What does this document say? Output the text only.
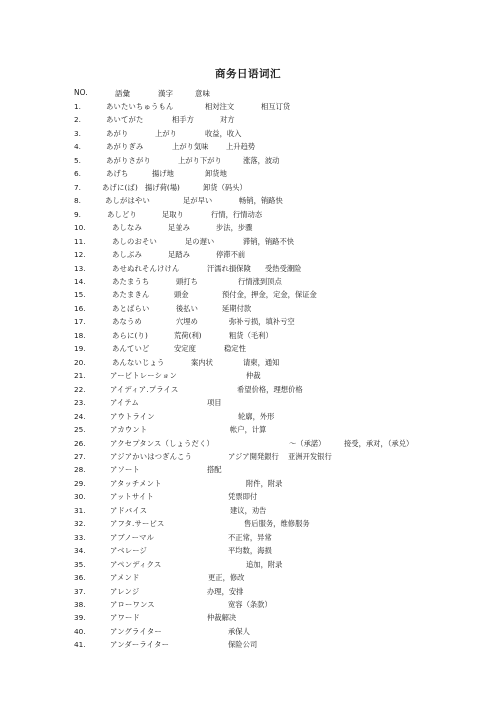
商务日语词汇
NO.	語彙	漢字	意味
1.	あいたいちゅうもん	相対注文	相互订货
2.	あいてがた	相手方	对方
3.	あがり	上がり	收益，收入
4.	あがりぎみ	上がり気味 上升趋势
5.	あがりさがり	上がり下がり	涨落，波动
6.	あげち	揚げ地	卸货地
7.	あげに(ば) 揚げ荷(場)	卸货（码头）
8.	あしがはやい	足が早い	畅销，销路快
9.	あしどり	足取り	行情，行情动态
10.	あしなみ	足並み	步法，步骤
11.	あしのおそい	足の遅い	滞销，销路不快
12.	あしぶみ	足踏み	停滞不前
13.	あせぬれそんけけん	汗濡れ損保険 受热受潮险
14.	あたまうち	頭打ち	行情涨到顶点
15.	あたまきん	頭金	预付金，押金，定金，保证金
16.	あとばらい	後払い	延期付款
17.	あなうめ	穴埋め	弥补亏损，填补亏空
18.	あらに(り)	荒荷(利)	粗货（毛利）
19.	あんていど	安定度	稳定性
20.	あんないじょう	案内状	请柬，通知
21.	アービトレーション	仲裁
22.	アイディア.プライス	希望价格，理想价格
23.	アイテム	项目
24.	アウトライン	轮廓，外形
25.	アカウント	帐户，计算
26.	アクセプタンス（しょうだく）	～（承諾）	接受，承对，（承兑）
27.	アジアかいはつぎんこう	アジア開発銀行 亚洲开发银行
28.	アソート	搭配
29.	アタッチメント	附件，附录
30.	アットサイト	凭票即付
31.	アドバイス	建议，劝告
32.	アフタ.サービス	售后服务，维修服务
33.	アブノーマル	不正常，异常
34.	アベレージ	平均数，海损
35.	アペンディクス	追加，附录
36.	アメンド	更正，修改
37.	アレンジ	办理，安排
38.	アローワンス	宽容（条款）
39.	アワード	仲裁解决
40.	アングライター	承保人
41.	アンダーライター	保险公司
